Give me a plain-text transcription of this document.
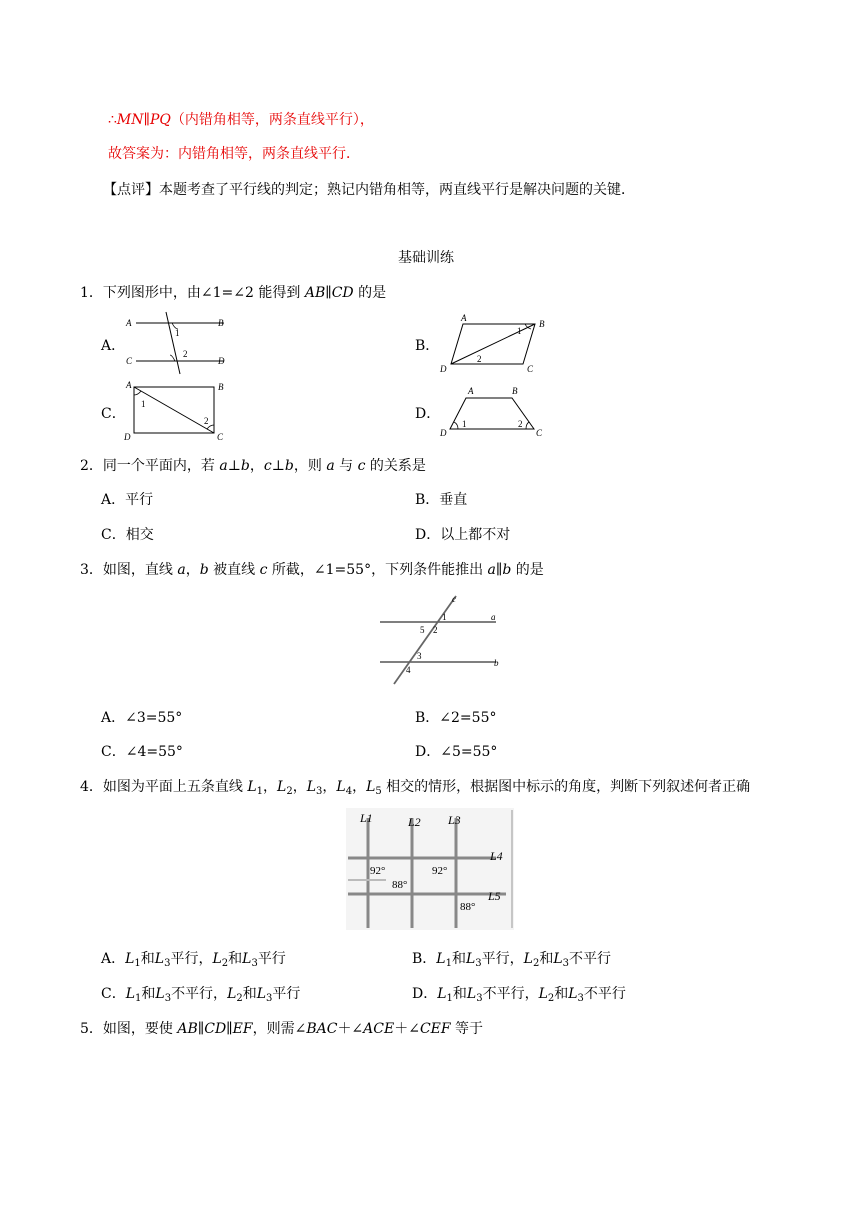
∴MN∥PQ（内错角相等，两条直线平行），
故答案为：内错角相等，两条直线平行．
【点评】本题考查了平行线的判定；熟记内错角相等，两直线平行是解决问题的关键．
基础训练
1．下列图形中，由∠1=∠2 能得到 AB∥CD 的是
A．	B．
C．	D．
A	B
C	D
1
2
A
B
C
D
1
2
A	B
C
D
1
2
A	B
C
D
1	2
2．同一个平面内，若 a⊥b，c⊥b，则 a 与 c 的关系是
A．平行	B．垂直
C．相交	D．以上都不对
3．如图，直线 a，b 被直线 c 所截，∠1=55°，下列条件能推出 a∥b 的是
a
b
c
1
2
3
4
5
A．∠3=55°	B．∠2=55°
C．∠4=55°	D．∠5=55°
4．如图为平面上五条直线 $L_1$，$L_2$，$L_3$，$L_4$，$L_5$ 相交的情形，根据图中标示的角度，判断下列叙述何者正确
L1	L2 L3
L4
L5
92°
88°
92°
88°
A．$L_1$和$L_3$平行，$L_2$和$L_3$平行	B．$L_1$和$L_3$平行，$L_2$和$L_3$不平行
C．$L_1$和$L_3$不平行，$L_2$和$L_3$平行	D．$L_1$和$L_3$不平行，$L_2$和$L_3$不平行
5．如图，要使 AB∥CD∥EF，则需∠BAC＋∠ACE＋∠CEF 等于
